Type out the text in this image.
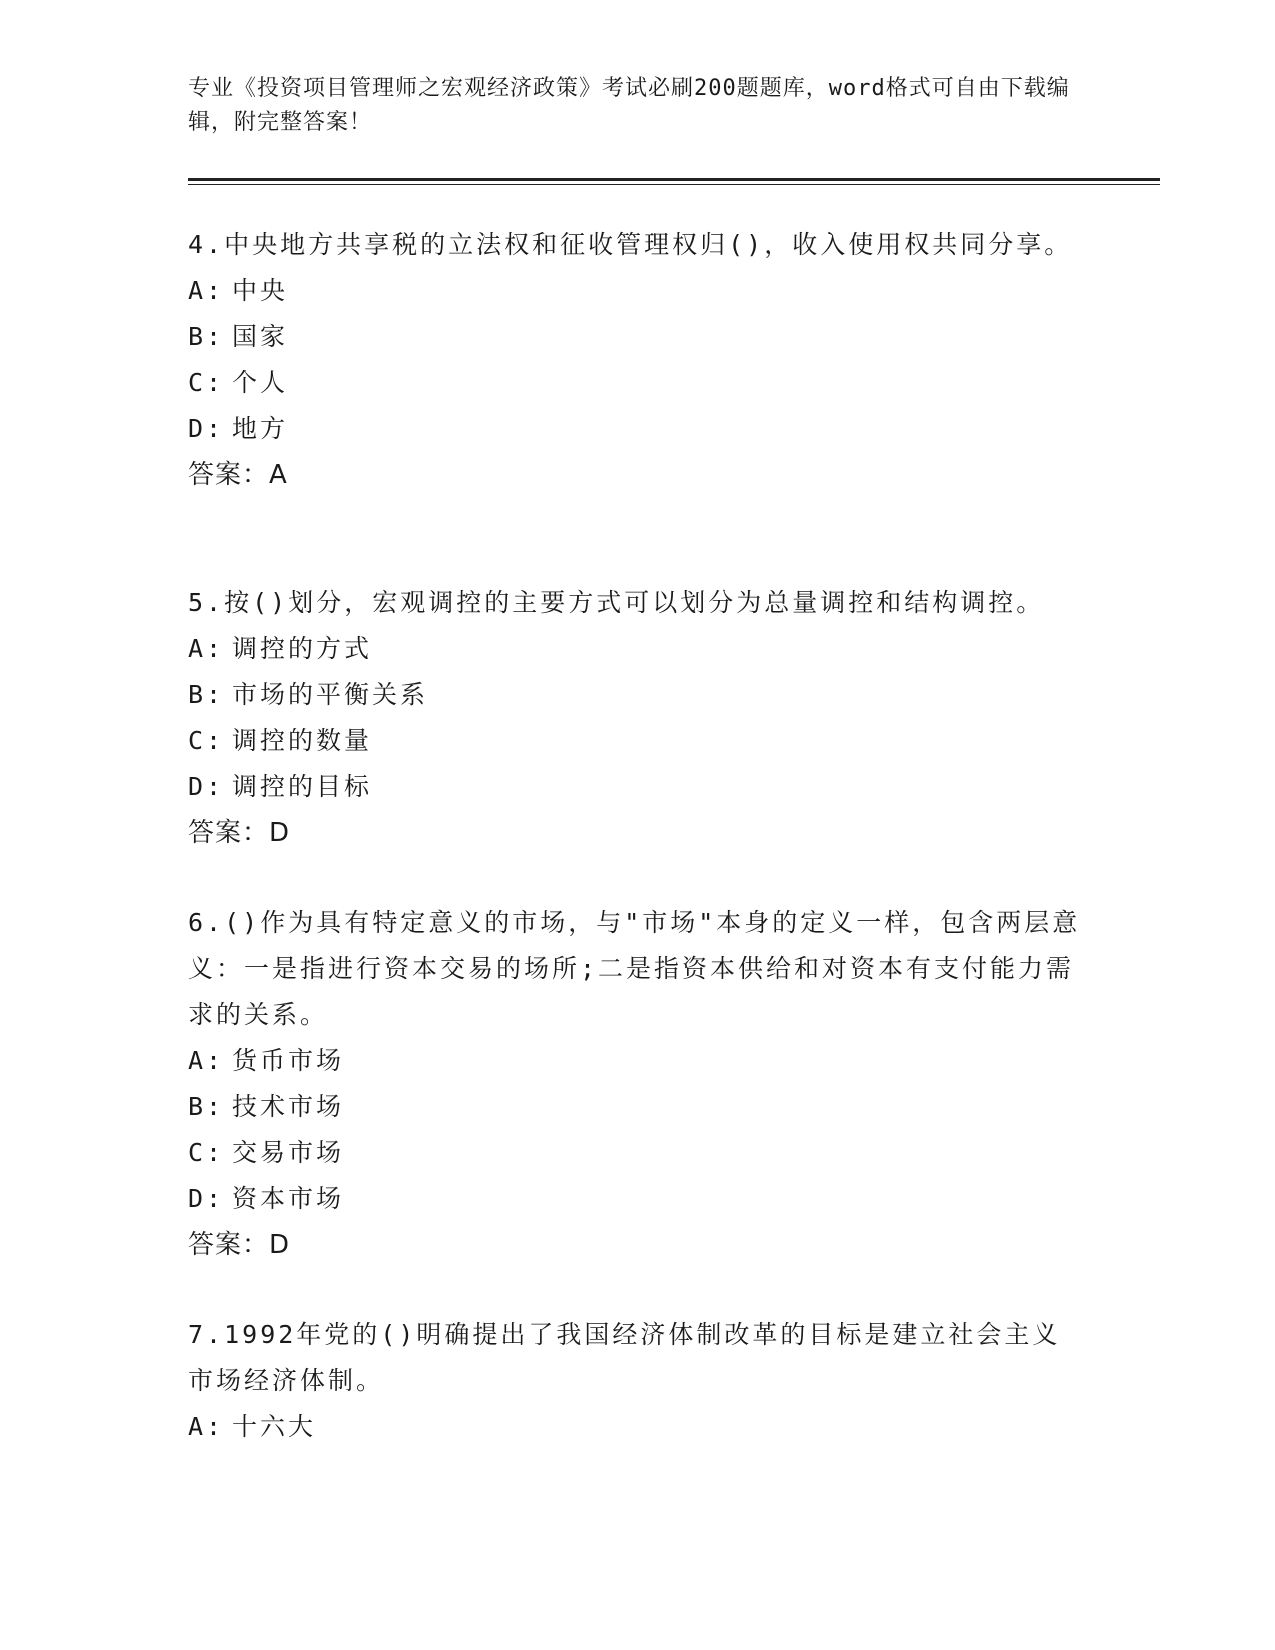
专业《投资项目管理师之宏观经济政策》考试必刷200题题库，word格式可自由下载编辑，附完整答案！

4.中央地方共享税的立法权和征收管理权归()，收入使用权共同分享。

A: 中央

B: 国家

C: 个人

D: 地方

答案：A

5.按()划分，宏观调控的主要方式可以划分为总量调控和结构调控。

A: 调控的方式

B: 市场的平衡关系

C: 调控的数量

D: 调控的目标

答案：D

6.()作为具有特定意义的市场，与"市场"本身的定义一样，包含两层意义：一是指进行资本交易的场所;二是指资本供给和对资本有支付能力需求的关系。

A: 货币市场

B: 技术市场

C: 交易市场

D: 资本市场

答案：D

7.1992年党的()明确提出了我国经济体制改革的目标是建立社会主义市场经济体制。

A: 十六大
